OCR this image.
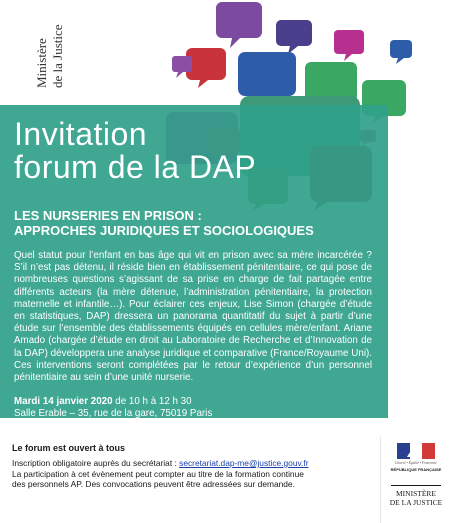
Ministère de la Justice
Invitation
forum de la DAP
LES NURSERIES EN PRISON :
APPROCHES JURIDIQUES ET SOCIOLOGIQUES

Quel statut pour l’enfant en bas âge qui vit en prison avec sa mère incarcérée ? S’il n’est pas détenu, il réside bien en établissement pénitentiaire, ce qui pose de nombreuses questions s’agissant de sa prise en charge de fait partagée entre différents acteurs (la mère détenue, l’administration pénitentiaire, la protection maternelle et infantile…). Pour éclairer ces enjeux, Lise Simon (chargée d’étude en statistiques, DAP) dressera un panorama quantitatif du sujet à partir d’une étude sur l’ensemble des établissements équipés en cellules mère/enfant. Ariane Amado (chargée d’étude en droit au Laboratoire de Recherche et d’Innovation de la DAP) développera une analyse juridique et comparative (France/Royaume Uni). Ces interventions seront complétées par le retour d’expérience d’un personnel pénitentiaire au sein d’une unité nurserie.

Mardi 14 janvier 2020 de 10 h à 12 h 30

Salle Erable – 35, rue de la gare, 75019 Paris

Le forum est ouvert à tous

Inscription obligatoire auprès du secrétariat : secretariat.dap-me@justice.gouv.fr
La participation à cet évènement peut compter au titre de la formation continue
des personnels AP. Des convocations peuvent être adressées sur demande.

Liberté • Égalité • Fraternité
RÉPUBLIQUE FRANÇAISE
MINISTÈRE
DE LA JUSTICE
